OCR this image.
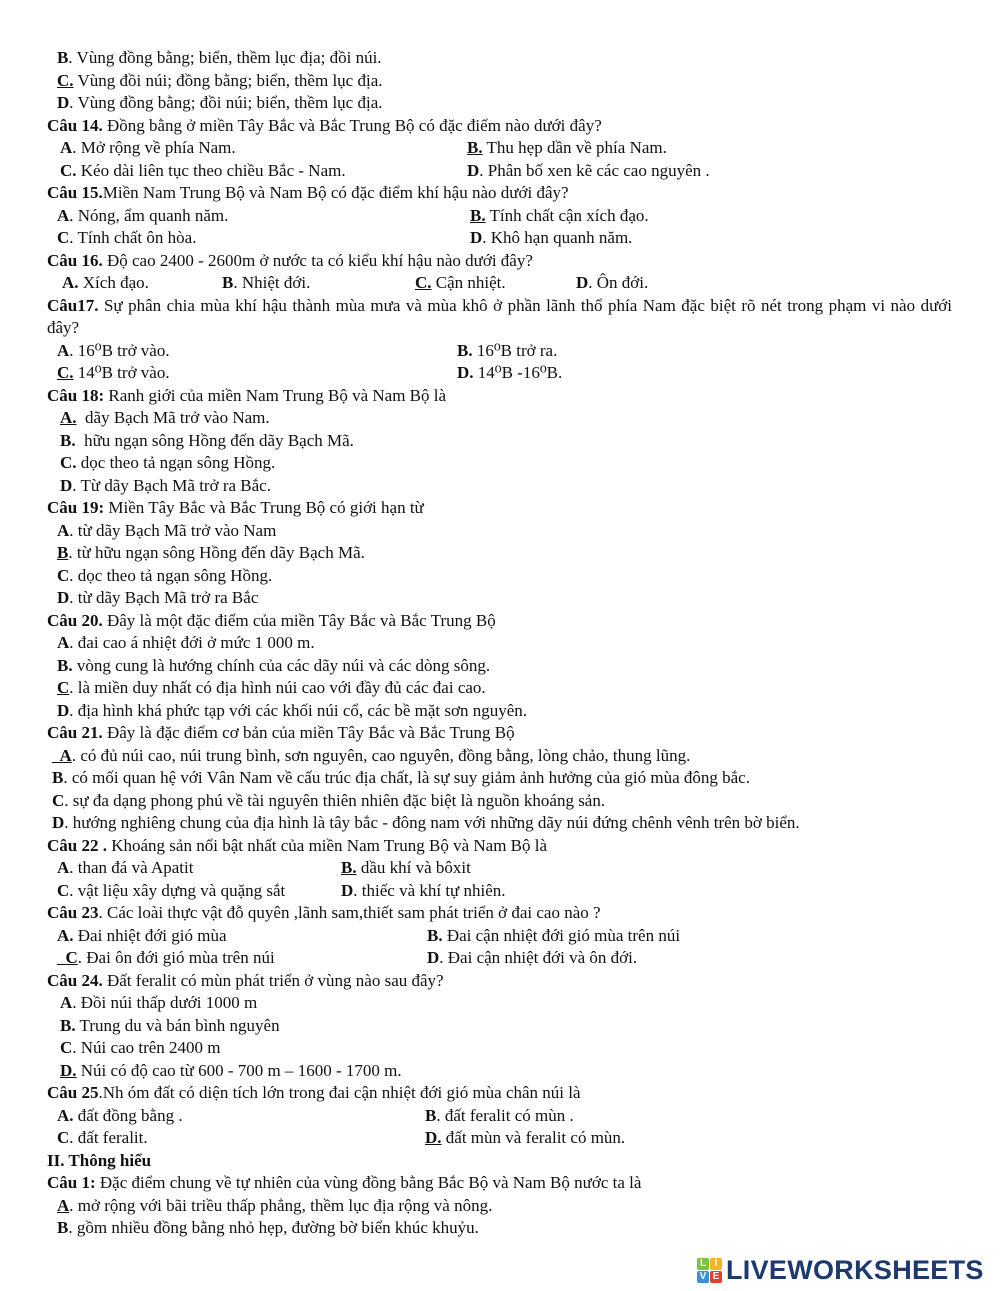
B. Vùng đồng bằng; biển, thềm lục địa; đồi núi.
C. Vùng đồi núi; đồng bằng; biển, thềm lục địa.
D. Vùng đồng bằng; đồi núi; biển, thềm lục địa.
Câu 14. Đồng bằng ở miền Tây Bắc và Bắc Trung Bộ có đặc điểm nào dưới đây?
A. Mở rộng về phía Nam.	B. Thu hẹp dần về phía Nam.
C. Kéo dài liên tục theo chiều Bắc - Nam.	D. Phân bố xen kẽ các cao nguyên .
Câu 15.Miền Nam Trung Bộ và Nam Bộ có đặc điểm khí hậu nào dưới đây?
A. Nóng, ẩm quanh năm.	B. Tính chất cận xích đạo.
C. Tính chất ôn hòa.	D. Khô hạn quanh năm.
Câu 16. Độ cao 2400 - 2600m ở nước ta có kiểu khí hậu nào dưới đây?
A. Xích đạo.	B. Nhiệt đới.	C. Cận nhiệt.	D. Ôn đới.
Câu17. Sự phân chia mùa khí hậu thành mùa mưa và mùa khô ở phần lãnh thổ phía Nam đặc biệt rõ nét trong phạm vi nào dưới đây?
A. 16⁰B trở vào.	B. 16⁰B trở ra.
C. 14⁰B trở vào.	D. 14⁰B -16⁰B.
Câu 18: Ranh giới của miền Nam Trung Bộ và Nam Bộ là
A.  dãy Bạch Mã trở vào Nam.
B.  hữu ngạn sông Hồng đến dãy Bạch Mã.
C. dọc theo tả ngạn sông Hồng.
D. Từ dãy Bạch Mã trở ra Bắc.
Câu 19: Miền Tây Bắc và Bắc Trung Bộ có giới hạn từ
A. từ dãy Bạch Mã trở vào Nam
B. từ hữu ngạn sông Hồng đến dãy Bạch Mã.
C. dọc theo tả ngạn sông Hồng.
D. từ dãy Bạch Mã trở ra Bắc
Câu 20. Đây là một đặc điểm của miền Tây Bắc và Bắc Trung Bộ
A. đai cao á nhiệt đới ở mức 1 000 m.
B. vòng cung là hướng chính của các dãy núi và các dòng sông.
C. là miền duy nhất có địa hình núi cao với đầy đủ các đai cao.
D. địa hình khá phức tạp với các khối núi cổ, các bề mặt sơn nguyên.
Câu 21. Đây là đặc điểm cơ bản của miền Tây Bắc và Bắc Trung Bộ
A. có đủ núi cao, núi trung bình, sơn nguyên, cao nguyên, đồng bằng, lòng chảo, thung lũng.
B. có mối quan hệ với Vân Nam về cấu trúc địa chất, là sự suy giảm ảnh hưởng của gió mùa đông bắc.
C. sự đa dạng phong phú về tài nguyên thiên nhiên đặc biệt là nguồn khoáng sản.
D. hướng nghiêng chung của địa hình là tây bắc - đông nam với những dãy núi đứng chênh vênh trên bờ biển.
Câu 22 . Khoáng sản nổi bật nhất của miền Nam Trung Bộ và Nam Bộ là
A. than đá và Apatit	B. dầu khí và bôxit
C. vật liệu xây dựng và quặng sắt	D. thiếc và khí tự nhiên.
Câu 23. Các loài thực vật đỗ quyên ,lãnh sam,thiết sam phát triển ở đai cao nào ?
A. Đai nhiệt đới gió mùa	B. Đai cận nhiệt đới gió mùa trên núi
C. Đai ôn đới gió mùa trên núi	D. Đai cận nhiệt đới và ôn đới.
Câu 24. Đất feralit có mùn phát triển ở vùng nào sau đây?
A. Đồi núi thấp dưới 1000 m
B. Trung du và bán bình nguyên
C. Núi cao trên 2400 m
D. Núi có độ cao từ 600 - 700 m – 1600 - 1700 m.
Câu 25.Nh óm đất có diện tích lớn trong đai cận nhiệt đới gió mùa chân núi là
A. đất đồng bằng .	B. đất feralit có mùn .
C. đất feralit.	D. đất mùn và feralit có mùn.
II. Thông hiểu
Câu 1: Đặc điểm chung về tự nhiên của vùng đồng bằng Bắc Bộ và Nam Bộ nước ta là
A. mở rộng với bãi triều thấp phẳng, thềm lục địa rộng và nông.
B. gồm nhiều đồng bằng nhỏ hẹp, đường bờ biển khúc khuỷu.
L I
V E LIVEWORKSHEETS
